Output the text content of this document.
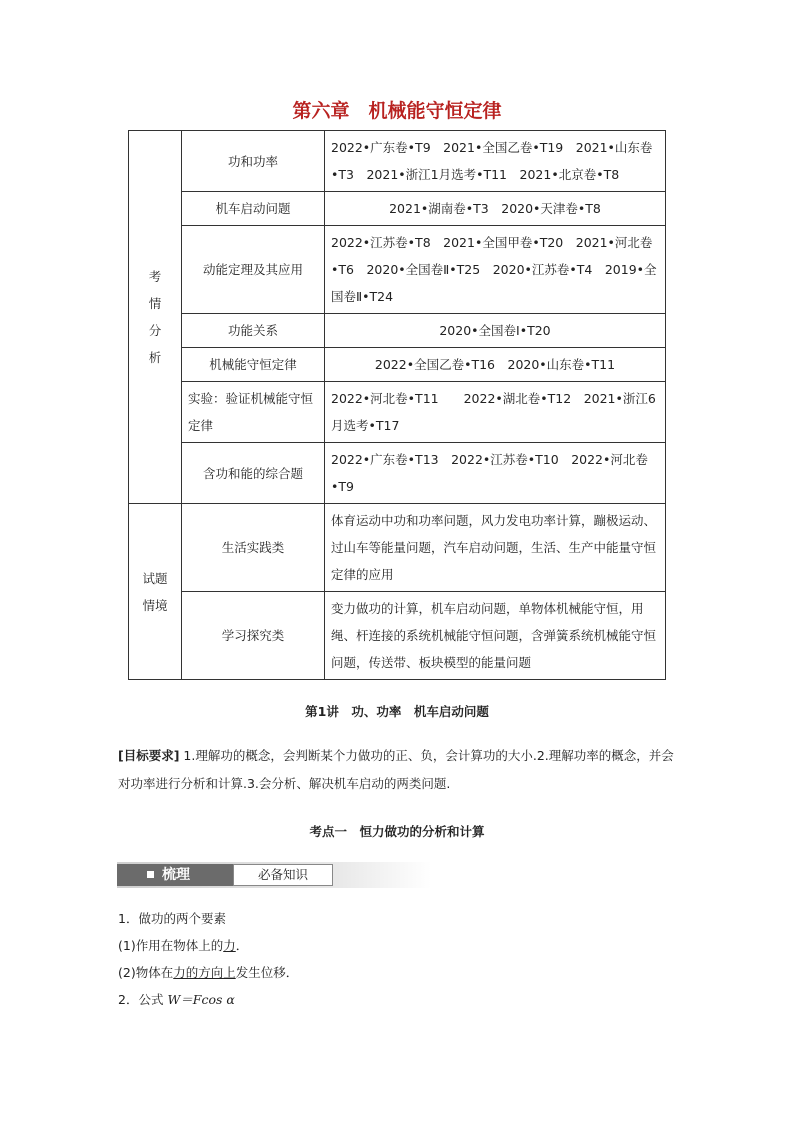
第六章　机械能守恒定律
考
情
分
析	功和功率	2022•广东卷•T9　2021•全国乙卷•T19　2021•山东卷•T3　2021•浙江1月选考•T11　2021•北京卷•T8
	机车启动问题	2021•湖南卷•T3　2020•天津卷•T8
	动能定理及其应用	2022•江苏卷•T8　2021•全国甲卷•T20　2021•河北卷•T6　2020•全国卷Ⅱ•T25　2020•江苏卷•T4　2019•全国卷Ⅱ•T24
	功能关系	2020•全国卷Ⅰ•T20
	机械能守恒定律	2022•全国乙卷•T16　2020•山东卷•T11
	实验：验证机械能守恒定律	2022•河北卷•T11　　2022•湖北卷•T12　2021•浙江6月选考•T17
	含功和能的综合题	2022•广东卷•T13　2022•江苏卷•T10　2022•河北卷•T9

试题
情境	生活实践类	体育运动中功和功率问题，风力发电功率计算，蹦极运动、过山车等能量问题，汽车启动问题，生活、生产中能量守恒定律的应用
	学习探究类	变力做功的计算，机车启动问题，单物体机械能守恒，用绳、杆连接的系统机械能守恒问题，含弹簧系统机械能守恒问题，传送带、板块模型的能量问题
第1讲　功、功率　机车启动问题
[目标要求] 1.理解功的概念，会判断某个力做功的正、负，会计算功的大小.2.理解功率的概念，并会对功率进行分析和计算.3.会分析、解决机车启动的两类问题.
考点一　恒力做功的分析和计算
梳理	必备知识
1．做功的两个要素
(1)作用在物体上的力．
(2)物体在力的方向上发生位移．
2．公式 W＝Fcos α
